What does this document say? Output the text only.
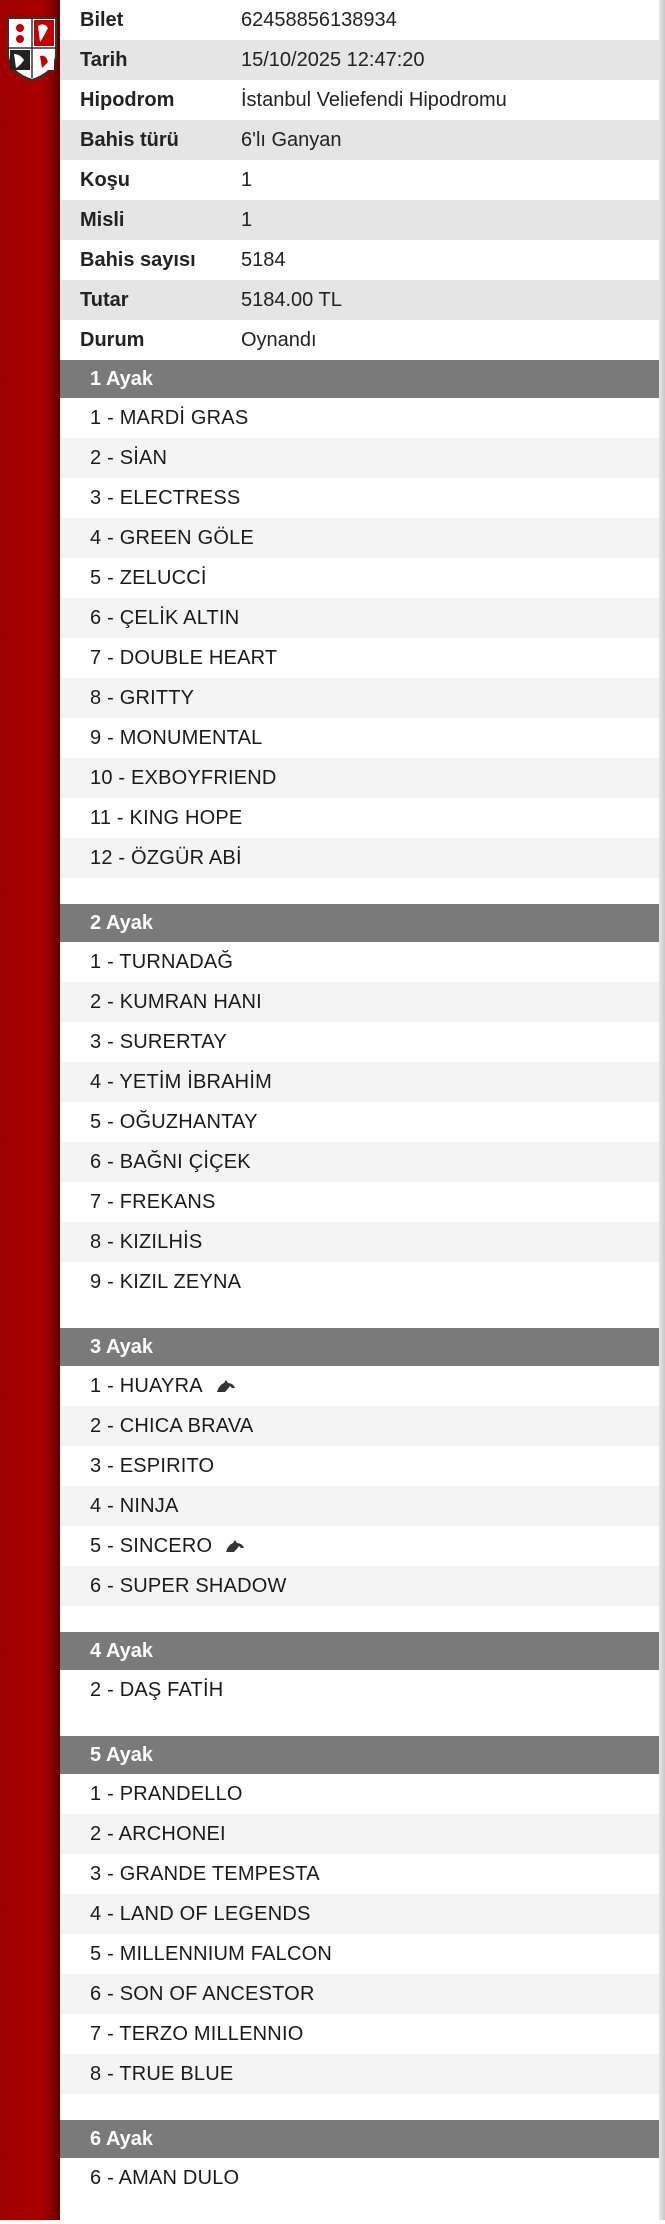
Bilet	62458856138934
Tarih	15/10/2025 12:47:20
Hipodrom	İstanbul Veliefendi Hipodromu
Bahis türü	6'lı Ganyan
Koşu	1
Misli	1
Bahis sayısı	5184
Tutar	5184.00 TL
Durum	Oynandı
1 Ayak
1 - MARDİ GRAS
2 - SİAN
3 - ELECTRESS
4 - GREEN GÖLE
5 - ZELUCCİ
6 - ÇELİK ALTIN
7 - DOUBLE HEART
8 - GRITTY
9 - MONUMENTAL
10 - EXBOYFRIEND
11 - KING HOPE
12 - ÖZGÜR ABİ
2 Ayak
1 - TURNADAĞ
2 - KUMRAN HANI
3 - SURERTAY
4 - YETİM İBRAHİM
5 - OĞUZHANTAY
6 - BAĞNI ÇİÇEK
7 - FREKANS
8 - KIZILHİS
9 - KIZIL ZEYNA
3 Ayak
1 - HUAYRA
2 - CHICA BRAVA
3 - ESPIRITO
4 - NINJA
5 - SINCERO
6 - SUPER SHADOW
4 Ayak
2 - DAŞ FATİH
5 Ayak
1 - PRANDELLO
2 - ARCHONEI
3 - GRANDE TEMPESTA
4 - LAND OF LEGENDS
5 - MILLENNIUM FALCON
6 - SON OF ANCESTOR
7 - TERZO MILLENNIO
8 - TRUE BLUE
6 Ayak
6 - AMAN DULO
